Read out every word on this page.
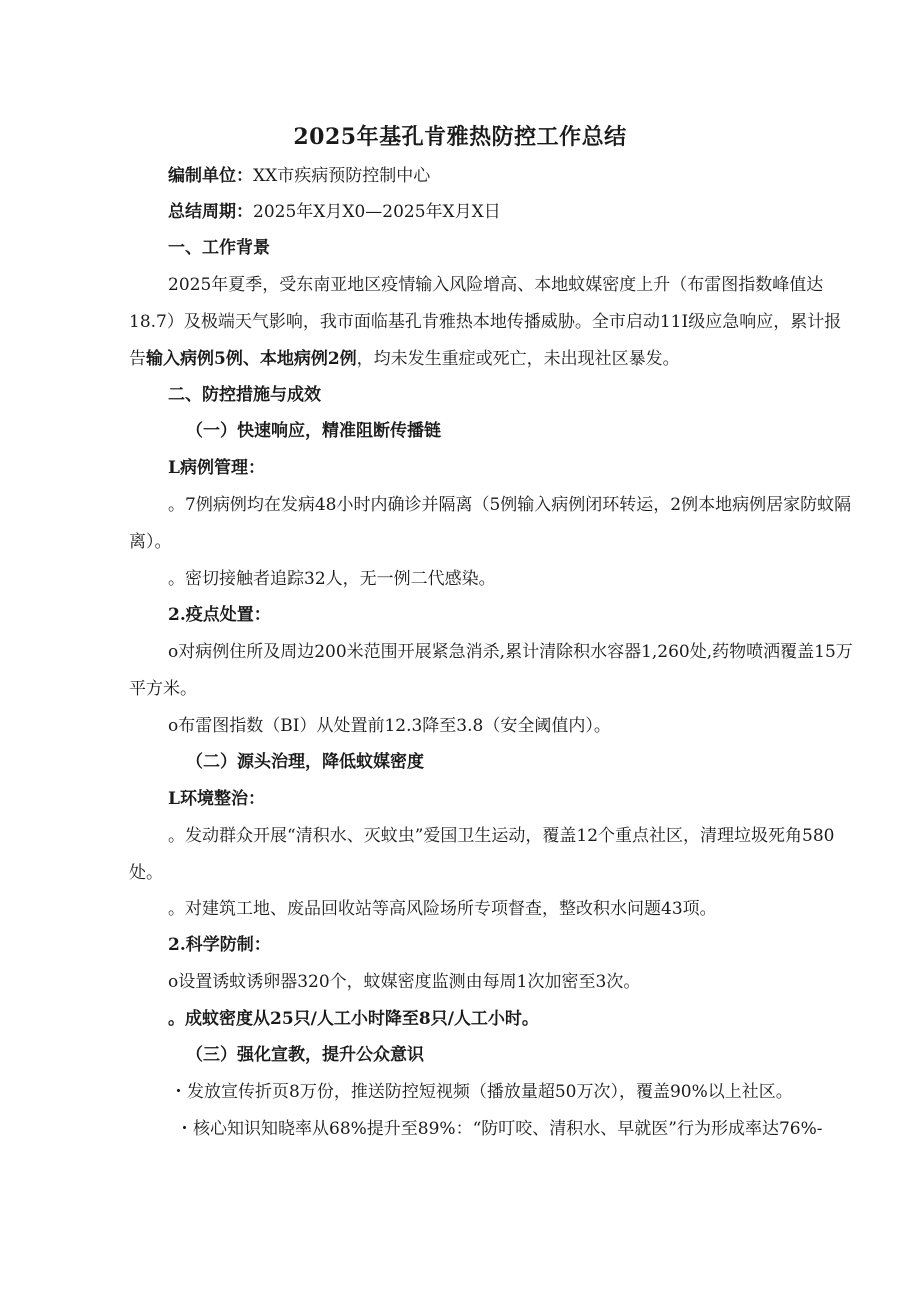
2025年基孔肯雅热防控工作总结
编制单位：XX市疾病预防控制中心
总结周期：2025年X月X0—2025年X月X日
一、工作背景
2025年夏季，受东南亚地区疫情输入风险增高、本地蚊媒密度上升（布雷图指数峰值达
18.7）及极端天气影响，我市面临基孔肯雅热本地传播威胁。全市启动11I级应急响应，累计报
告输入病例5例、本地病例2例，均未发生重症或死亡，未出现社区暴发。
二、防控措施与成效
（一）快速响应，精准阻断传播链
L病例管理：
。7例病例均在发病48小时内确诊并隔离（5例输入病例闭环转运，2例本地病例居家防蚊隔
离）。
。密切接触者追踪32人，无一例二代感染。
2.疫点处置：
o对病例住所及周边200米范围开展紧急消杀,累计清除积水容器1,260处,药物喷洒覆盖15万
平方米。
o布雷图指数（BI）从处置前12.3降至3.8（安全阈值内）。
（二）源头治理，降低蚊媒密度
L环境整治：
。发动群众开展“清积水、灭蚊虫”爱国卫生运动，覆盖12个重点社区，清理垃圾死角580
处。
。对建筑工地、废品回收站等高风险场所专项督查，整改积水问题43项。
2.科学防制：
o设置诱蚊诱卵器320个，蚊媒密度监测由每周1次加密至3次。
。成蚊密度从25只/人工小时降至8只/人工小时。
（三）强化宣教，提升公众意识
・发放宣传折页8万份，推送防控短视频（播放量超50万次），覆盖90%以上社区。
・核心知识知晓率从68%提升至89%：“防叮咬、清积水、早就医”行为形成率达76%-
